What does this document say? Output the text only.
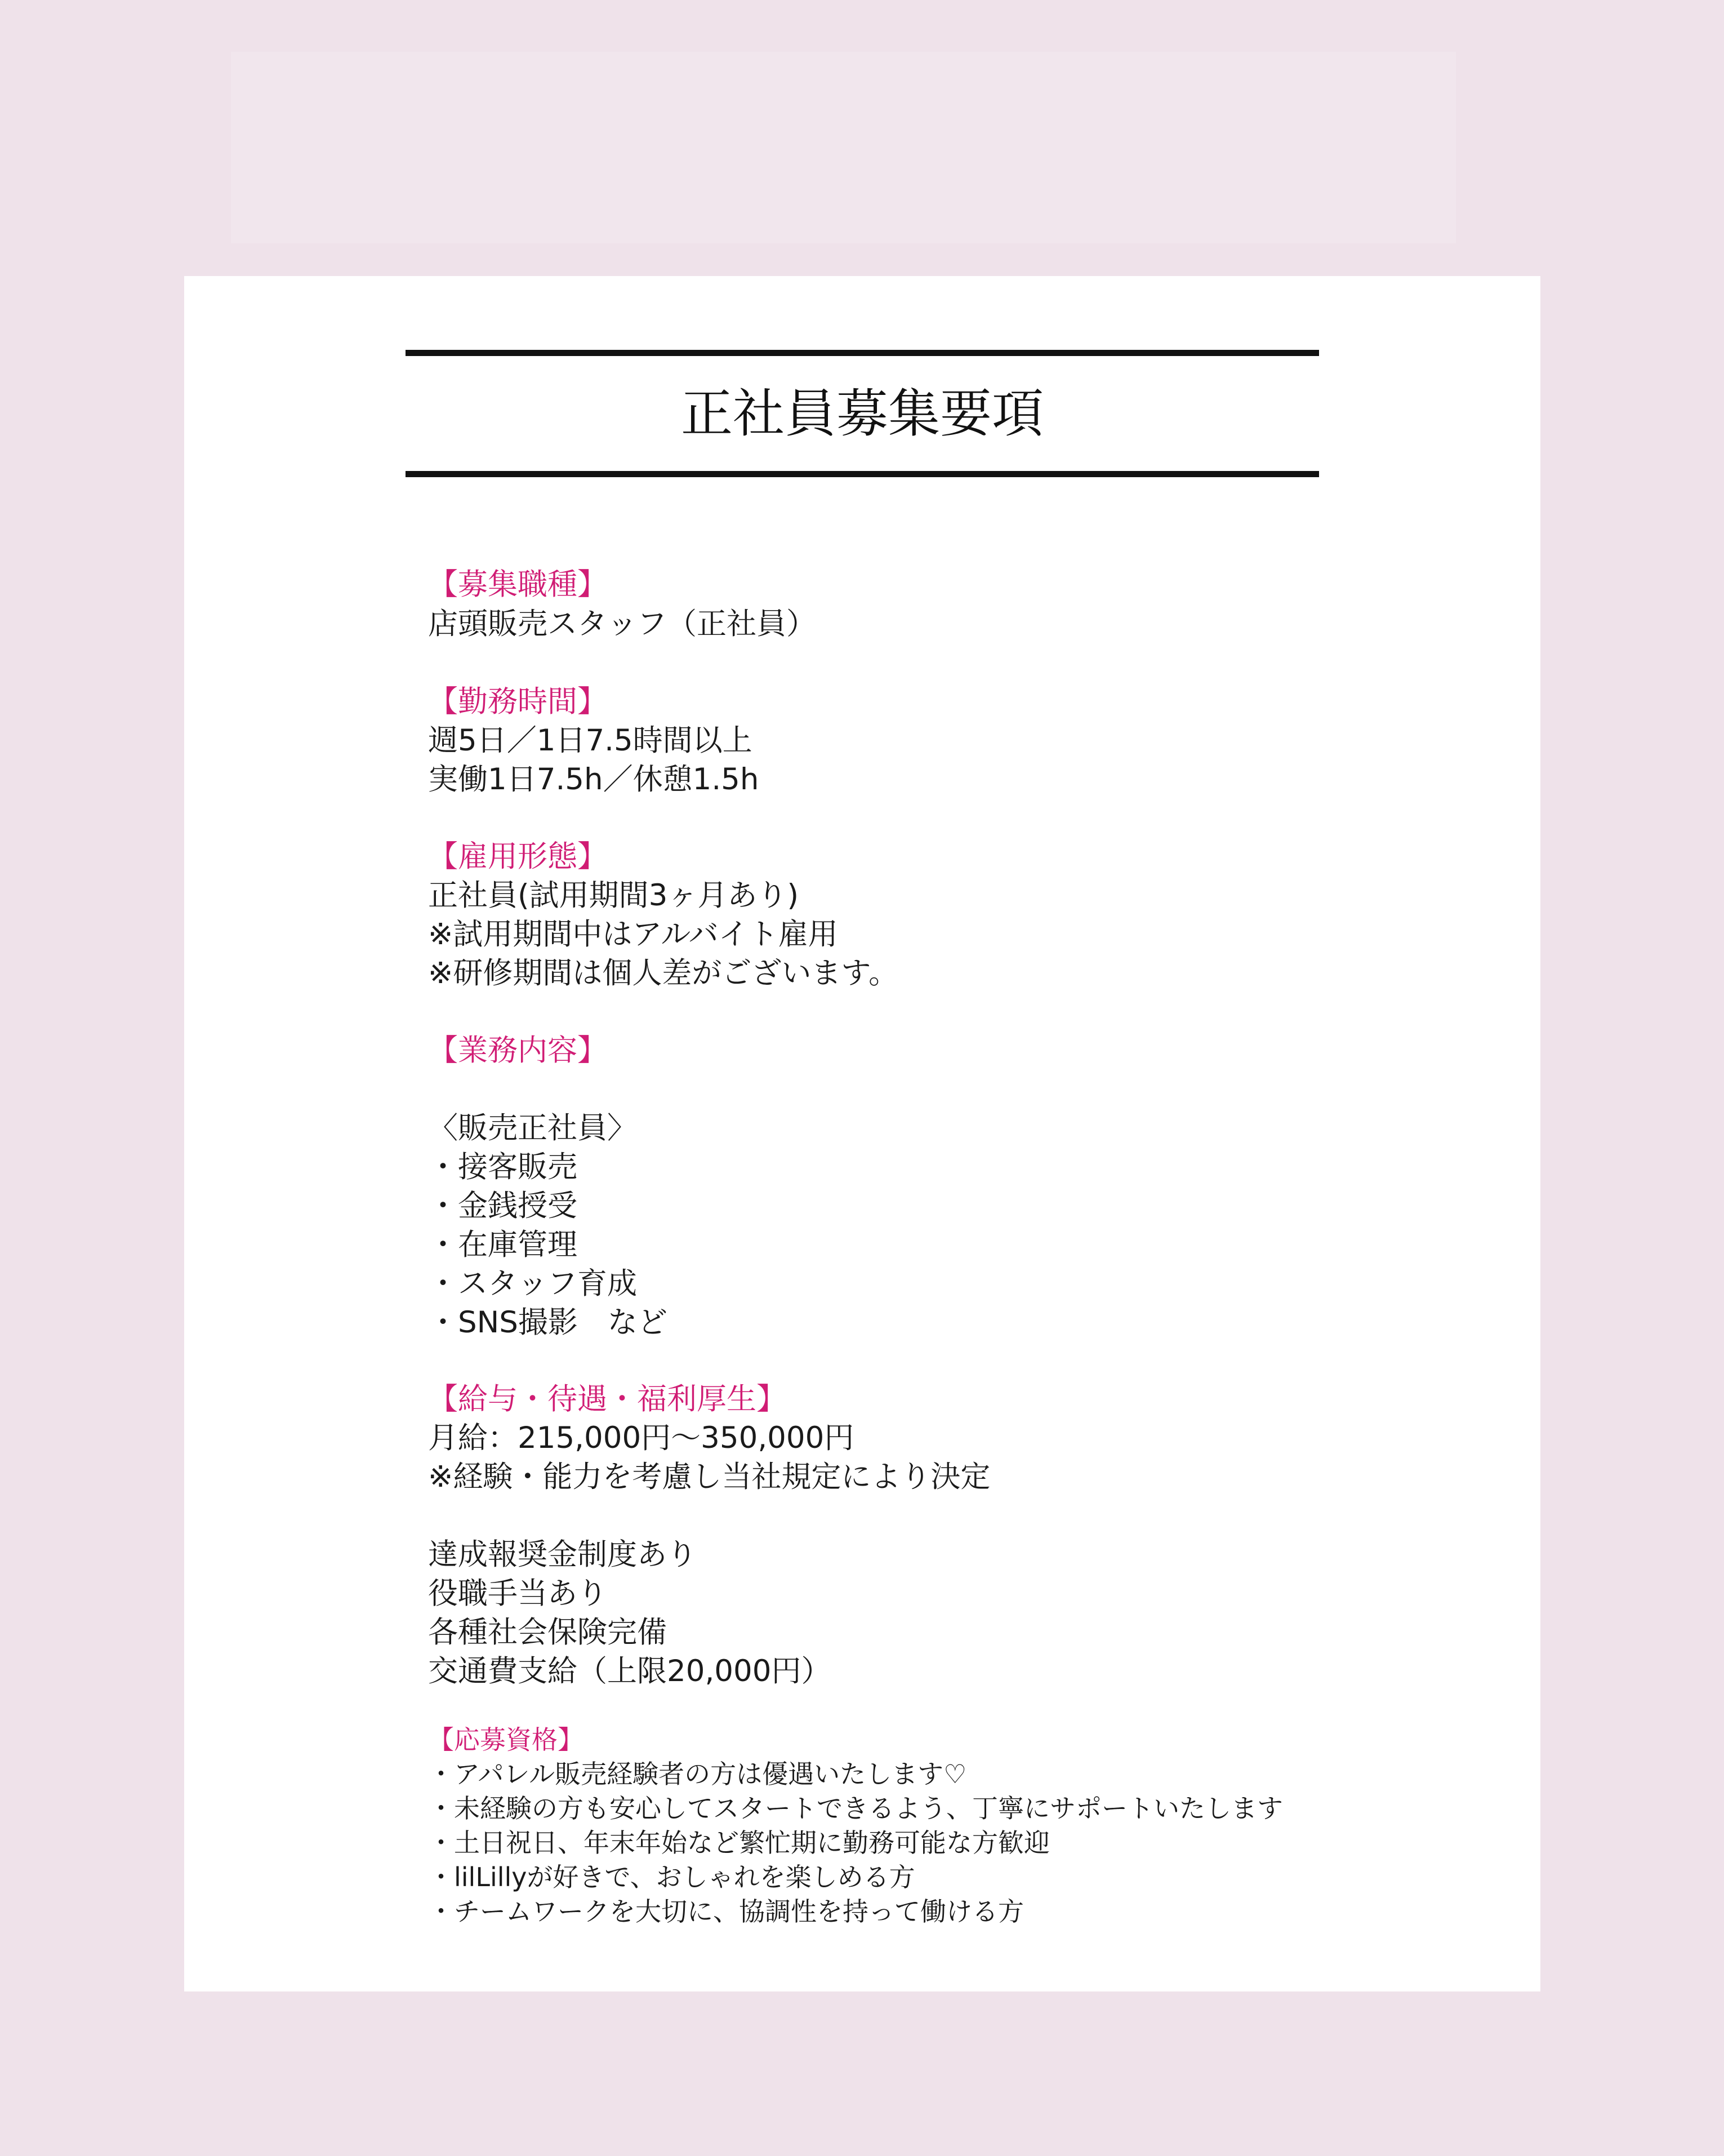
正社員募集要項
【募集職種】
店頭販売スタッフ（正社員）
【勤務時間】
週5日／1日7.5時間以上
実働1日7.5h／休憩1.5h
【雇用形態】
正社員(試用期間3ヶ月あり)
※試用期間中はアルバイト雇用
※研修期間は個人差がございます。
【業務内容】
〈販売正社員〉
・接客販売
・金銭授受
・在庫管理
・スタッフ育成
・SNS撮影　など
【給与・待遇・福利厚生】
月給：215,000円〜350,000円
※経験・能力を考慮し当社規定により決定
達成報奨金制度あり
役職手当あり
各種社会保険完備
交通費支給（上限20,000円）
【応募資格】
・アパレル販売経験者の方は優遇いたします♡
・未経験の方も安心してスタートできるよう、丁寧にサポートいたします
・土日祝日、年末年始など繁忙期に勤務可能な方歓迎
・lilLillyが好きで、おしゃれを楽しめる方
・チームワークを大切に、協調性を持って働ける方
